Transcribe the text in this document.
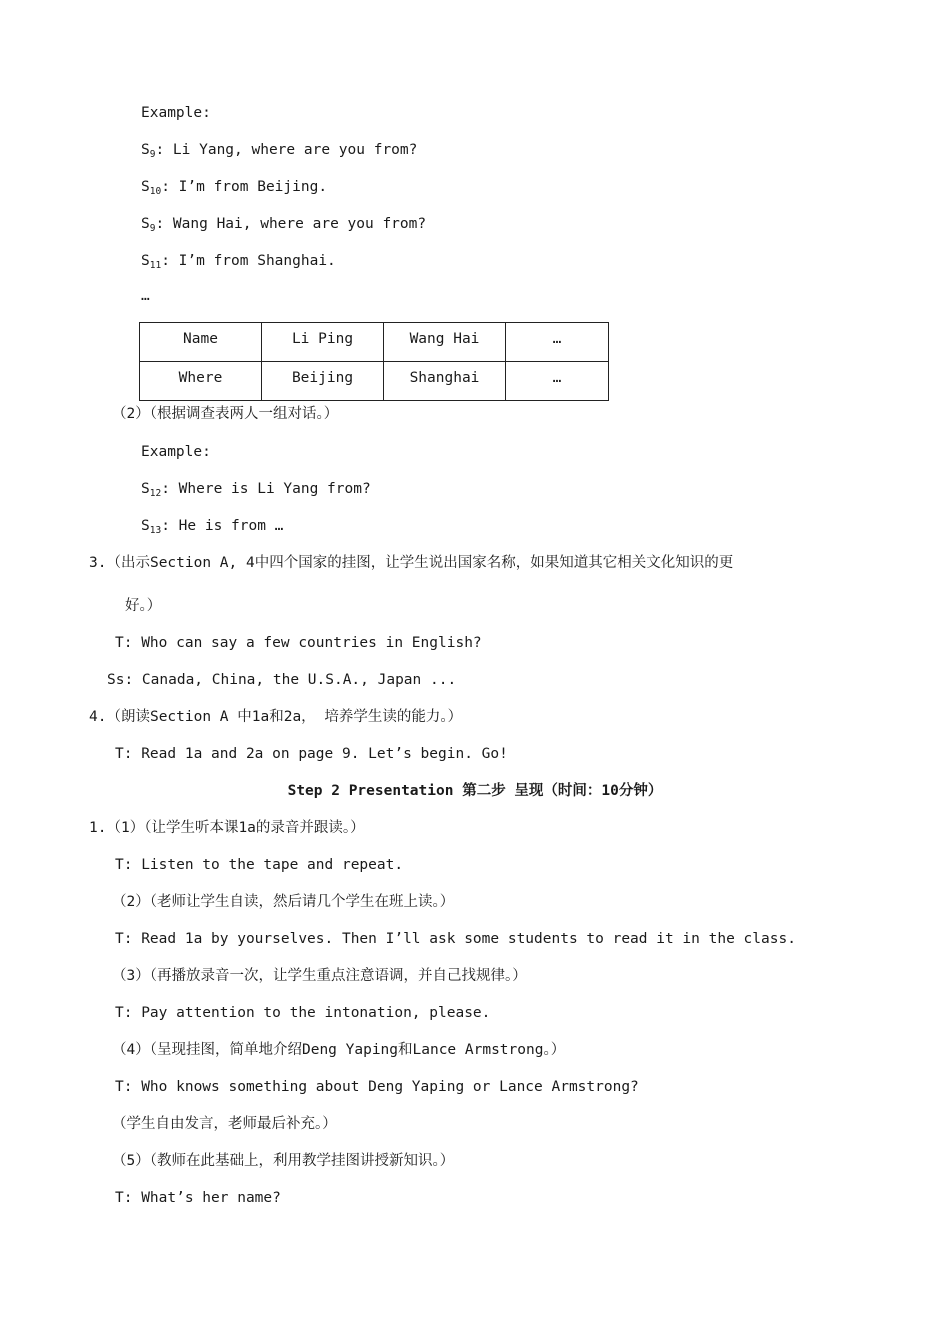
Example:
$S_9$: Li Yang, where are you from?
$S_{10}$: I’m from Beijing.
$S_9$: Wang Hai, where are you from?
$S_{11}$: I’m from Shanghai.
…
Name	Li Ping	Wang Hai	…
Where	Beijing	Shanghai	…
（2）（根据调查表两人一组对话。）
Example:
$S_{12}$: Where is Li Yang from?
$S_{13}$: He is from …
3.（出示Section A, 4中四个国家的挂图，让学生说出国家名称，如果知道其它相关文化知识的更
好。）
T: Who can say a few countries in English?
Ss: Canada, China, the U.S.A., Japan ...
4.（朗读Section A 中1a和2a， 培养学生读的能力。）
T: Read 1a and 2a on page 9. Let’s begin. Go!
Step 2 Presentation 第二步 呈现（时间：10分钟）
1.（1）（让学生听本课1a的录音并跟读。）
T: Listen to the tape and repeat.
（2）（老师让学生自读，然后请几个学生在班上读。）
T: Read 1a by yourselves. Then I’ll ask some students to read it in the class.
（3）（再播放录音一次，让学生重点注意语调，并自己找规律。）
T: Pay attention to the intonation, please.
（4）（呈现挂图，简单地介绍Deng Yaping和Lance Armstrong。）
T: Who knows something about Deng Yaping or Lance Armstrong?
（学生自由发言，老师最后补充。）
（5）（教师在此基础上，利用教学挂图讲授新知识。）
T: What’s her name?
